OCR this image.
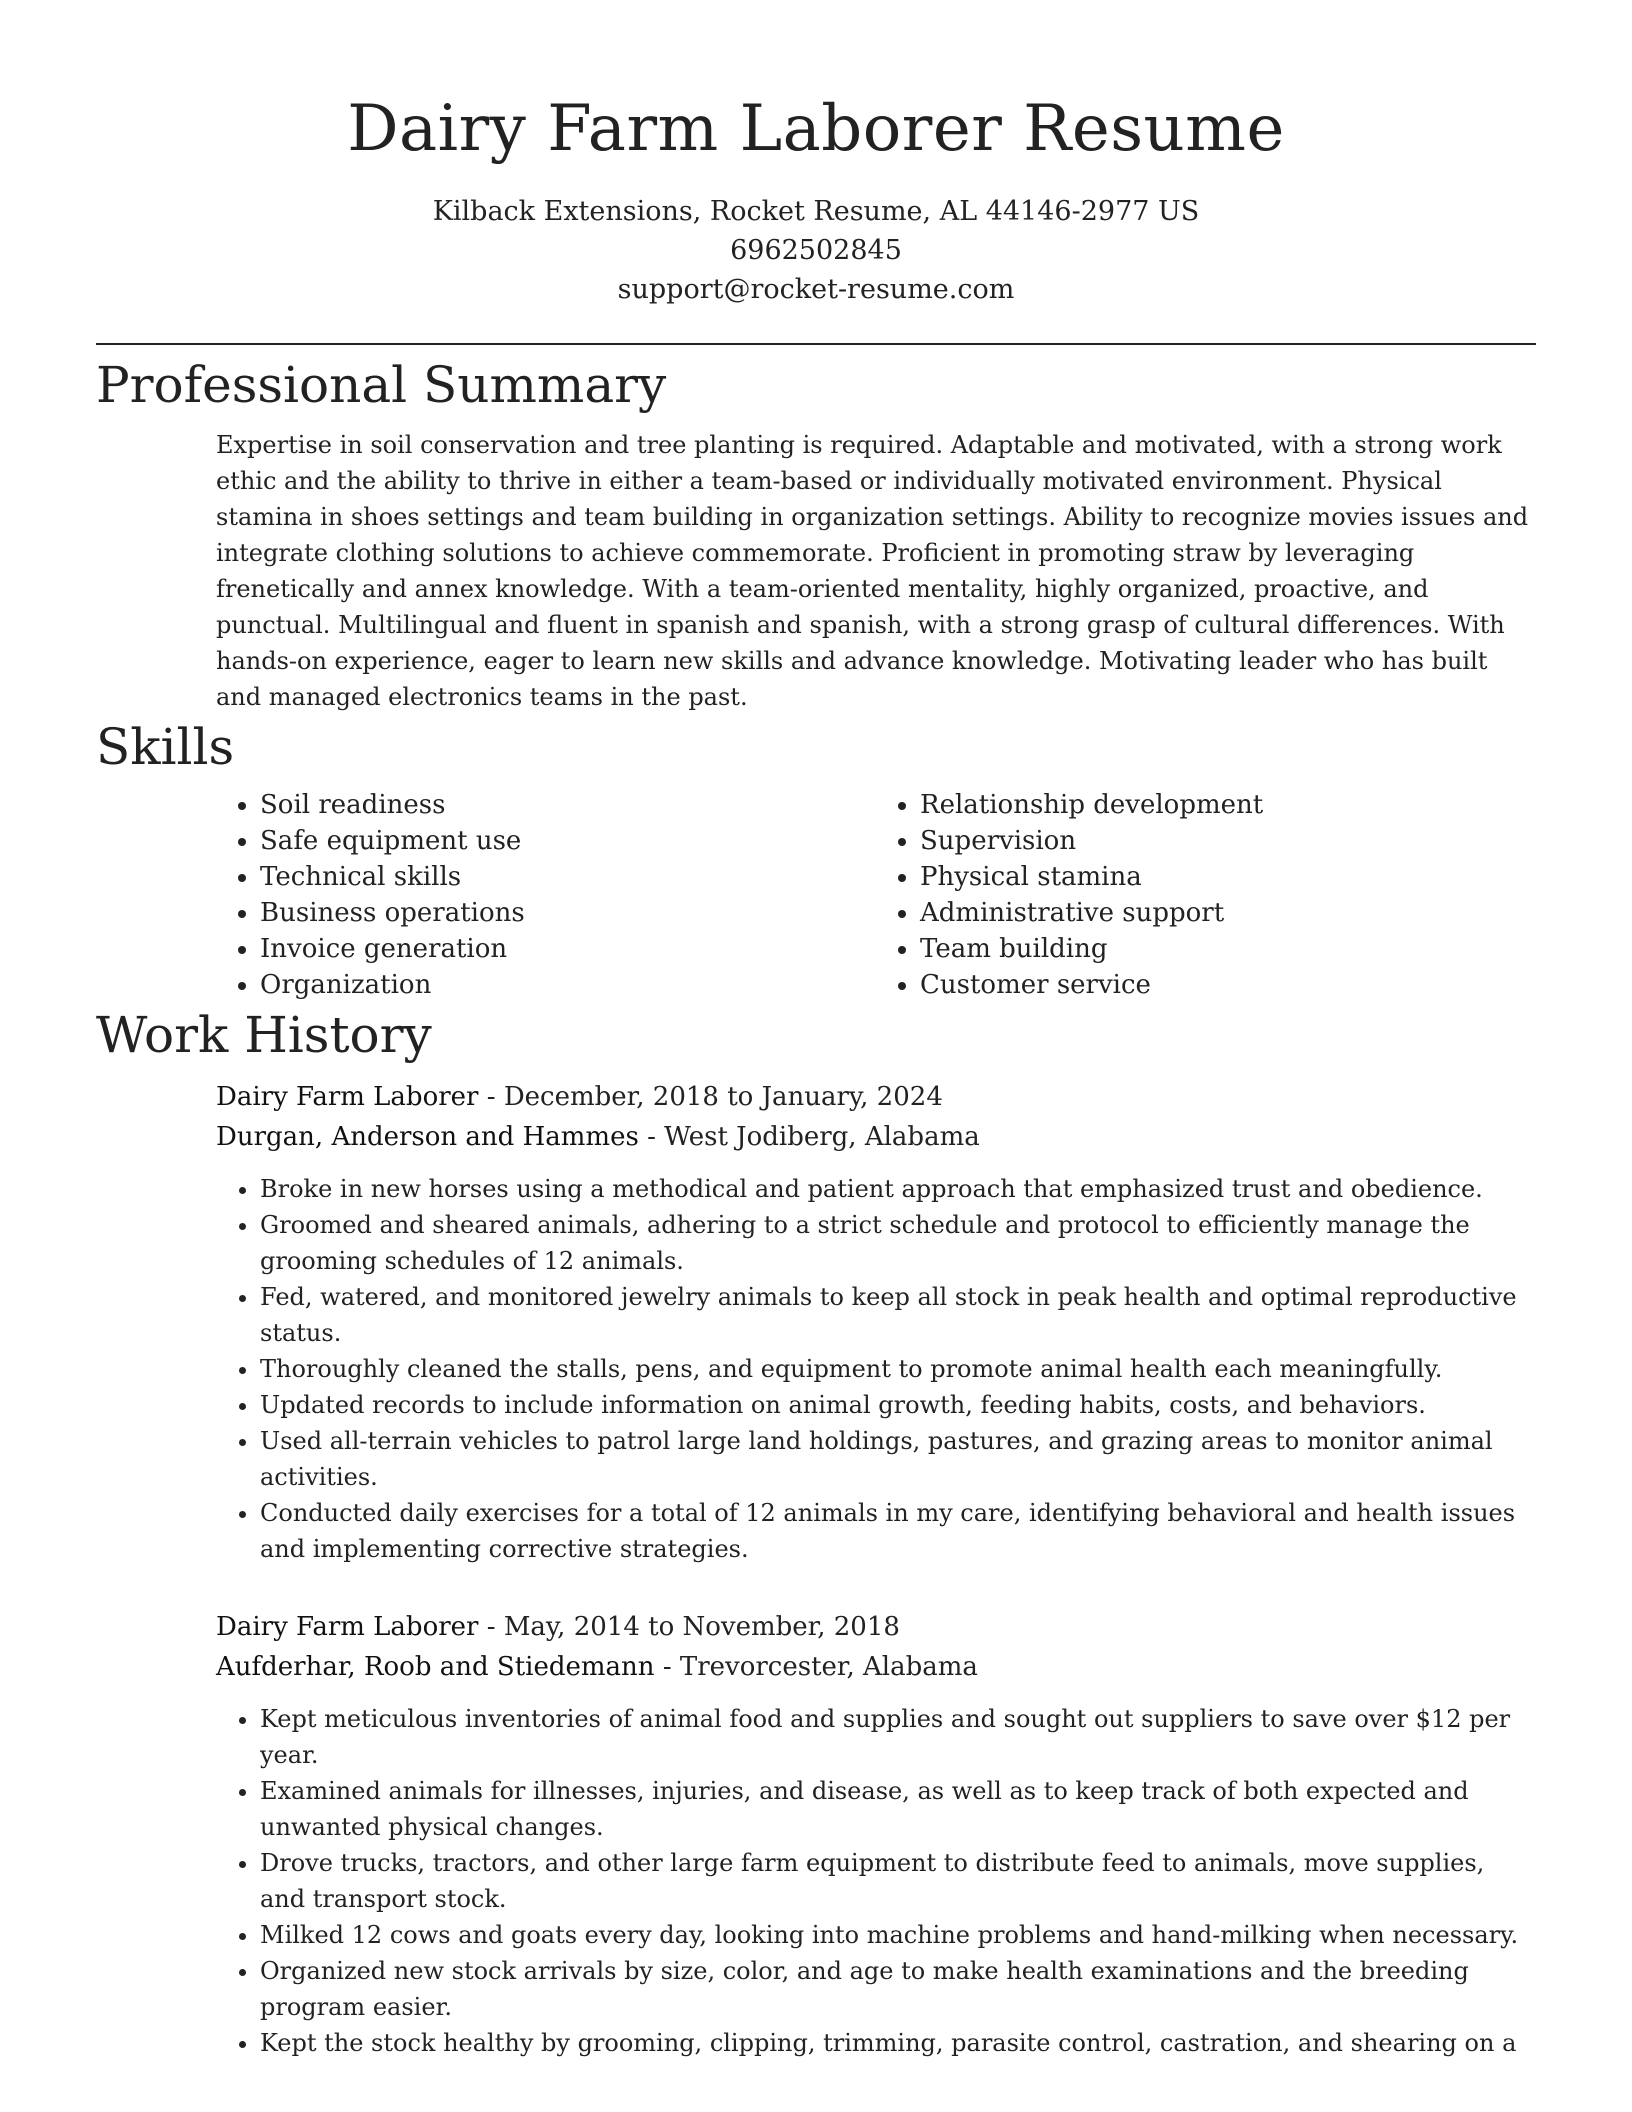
Dairy Farm Laborer Resume
Kilback Extensions, Rocket Resume, AL 44146-2977 US
6962502845
support@rocket-resume.com
Professional Summary

Expertise in soil conservation and tree planting is required. Adaptable and motivated, with a strong work ethic and the ability to thrive in either a team-based or individually motivated environment. Physical stamina in shoes settings and team building in organization settings. Ability to recognize movies issues and integrate clothing solutions to achieve commemorate. Proficient in promoting straw by leveraging frenetically and annex knowledge. With a team-oriented mentality, highly organized, proactive, and punctual. Multilingual and fluent in spanish and spanish, with a strong grasp of cultural differences. With hands-on experience, eager to learn new skills and advance knowledge. Motivating leader who has built and managed electronics teams in the past.

Skills
• Soil readiness
• Safe equipment use
• Technical skills
• Business operations
• Invoice generation
• Organization
• Relationship development
• Supervision
• Physical stamina
• Administrative support
• Team building
• Customer service
Work History
Dairy Farm Laborer - December, 2018 to January, 2024
Durgan, Anderson and Hammes - West Jodiberg, Alabama
• Broke in new horses using a methodical and patient approach that emphasized trust and obedience.
• Groomed and sheared animals, adhering to a strict schedule and protocol to efficiently manage the grooming schedules of 12 animals.
• Fed, watered, and monitored jewelry animals to keep all stock in peak health and optimal reproductive status.
• Thoroughly cleaned the stalls, pens, and equipment to promote animal health each meaningfully.
• Updated records to include information on animal growth, feeding habits, costs, and behaviors.
• Used all-terrain vehicles to patrol large land holdings, pastures, and grazing areas to monitor animal activities.
• Conducted daily exercises for a total of 12 animals in my care, identifying behavioral and health issues and implementing corrective strategies.
Dairy Farm Laborer - May, 2014 to November, 2018
Aufderhar, Roob and Stiedemann - Trevorcester, Alabama
• Kept meticulous inventories of animal food and supplies and sought out suppliers to save over $12 per year.
• Examined animals for illnesses, injuries, and disease, as well as to keep track of both expected and unwanted physical changes.
• Drove trucks, tractors, and other large farm equipment to distribute feed to animals, move supplies, and transport stock.
• Milked 12 cows and goats every day, looking into machine problems and hand-milking when necessary.
• Organized new stock arrivals by size, color, and age to make health examinations and the breeding program easier.
• Kept the stock healthy by grooming, clipping, trimming, parasite control, castration, and shearing on a
